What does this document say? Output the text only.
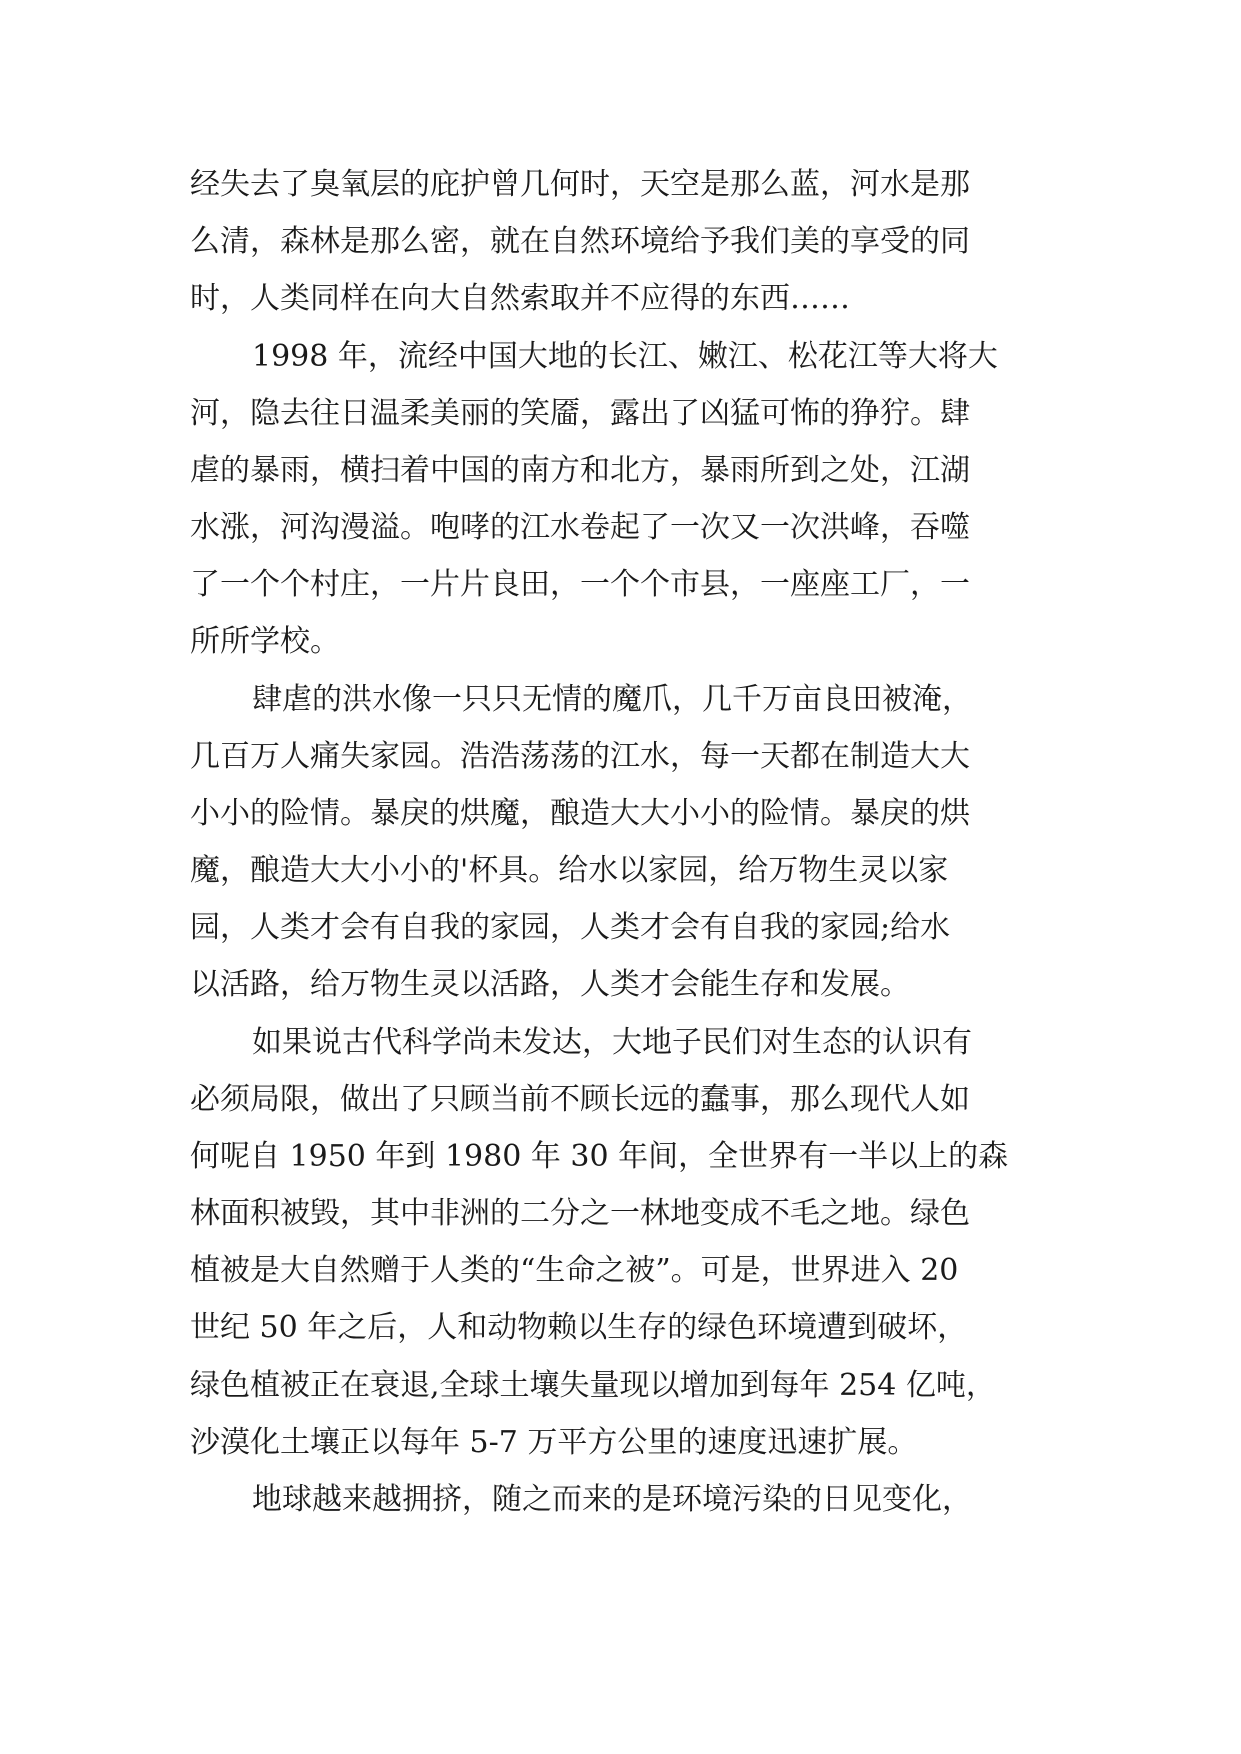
经失去了臭氧层的庇护曾几何时，天空是那么蓝，河水是那
么清，森林是那么密，就在自然环境给予我们美的享受的同
时，人类同样在向大自然索取并不应得的东西……
1998 年，流经中国大地的长江、嫩江、松花江等大将大
河，隐去往日温柔美丽的笑靥，露出了凶猛可怖的狰狞。肆
虐的暴雨，横扫着中国的南方和北方，暴雨所到之处，江湖
水涨，河沟漫溢。咆哮的江水卷起了一次又一次洪峰，吞噬
了一个个村庄，一片片良田，一个个市县，一座座工厂，一
所所学校。
肆虐的洪水像一只只无情的魔爪，几千万亩良田被淹，
几百万人痛失家园。浩浩荡荡的江水，每一天都在制造大大
小小的险情。暴戾的烘魔，酿造大大小小的险情。暴戾的烘
魔，酿造大大小小的'杯具。给水以家园，给万物生灵以家
园，人类才会有自我的家园，人类才会有自我的家园;给水
以活路，给万物生灵以活路，人类才会能生存和发展。
如果说古代科学尚未发达，大地子民们对生态的认识有
必须局限，做出了只顾当前不顾长远的蠢事，那么现代人如
何呢自 1950 年到 1980 年 30 年间，全世界有一半以上的森
林面积被毁，其中非洲的二分之一林地变成不毛之地。绿色
植被是大自然赠于人类的“生命之被”。可是，世界进入 20
世纪 50 年之后，人和动物赖以生存的绿色环境遭到破坏，
绿色植被正在衰退,全球土壤失量现以增加到每年 254 亿吨，
沙漠化土壤正以每年 5-7 万平方公里的速度迅速扩展。
地球越来越拥挤，随之而来的是环境污染的日见变化，
